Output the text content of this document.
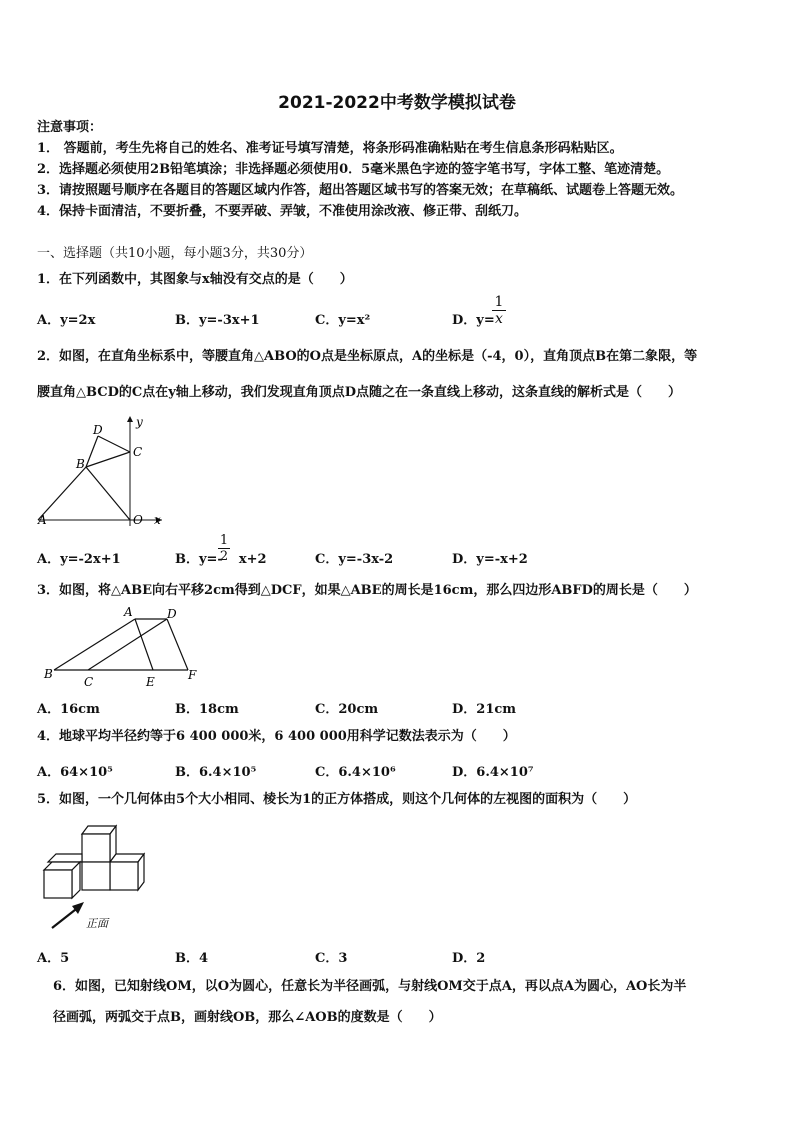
2021-2022中考数学模拟试卷
注意事项：
1． 答题前，考生先将自己的姓名、准考证号填写清楚，将条形码准确粘贴在考生信息条形码粘贴区。
2．选择题必须使用2B铅笔填涂；非选择题必须使用0．5毫米黑色字迹的签字笔书写，字体工整、笔迹清楚。
3．请按照题号顺序在各题目的答题区域内作答，超出答题区域书写的答案无效；在草稿纸、试题卷上答题无效。
4．保持卡面清洁，不要折叠，不要弄破、弄皱，不准使用涂改液、修正带、刮纸刀。
一、选择题（共10小题，每小题3分，共30分）
1．在下列函数中，其图象与x轴没有交点的是（　　）
A．y=2x	B．y=-3x+1	C．y=x²	D．y=
$\frac{1}{x}$
2．如图，在直角坐标系中，等腰直角△ABO的O点是坐标原点，A的坐标是（-4，0），直角顶点B在第二象限，等
腰直角△BCD的C点在y轴上移动，我们发现直角顶点D点随之在一条直线上移动，这条直线的解析式是（　　）
D
C
B
A	O x
y
A．y=-2x+1	B．y=- x+2
$\frac{1}{2}$	C．y=-3x-2	D．y=-x+2
3．如图，将△ABE向右平移2cm得到△DCF，如果△ABE的周长是16cm，那么四边形ABFD的周长是（　　）
A	D
B
C	E	F
A．16cm	B．18cm	C．20cm	D．21cm
4．地球平均半径约等于6 400 000米，6 400 000用科学记数法表示为（　　）
A．64×10⁵	B．6.4×10⁵	C．6.4×10⁶	D．6.4×10⁷
5．如图，一个几何体由5个大小相同、棱长为1的正方体搭成，则这个几何体的左视图的面积为（　　）
正面
A．5	B．4	C．3	D．2
6．如图，已知射线OM，以O为圆心，任意长为半径画弧，与射线OM交于点A，再以点A为圆心，AO长为半
径画弧，两弧交于点B，画射线OB，那么∠AOB的度数是（　　）
